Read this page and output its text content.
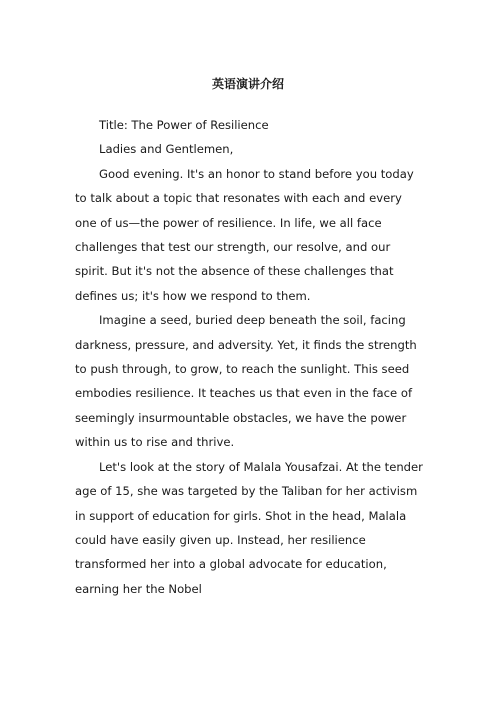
英语演讲介绍

Title: The Power of Resilience

Ladies and Gentlemen,

Good evening. It's an honor to stand before you today to talk about a topic that resonates with each and every one of us—the power of resilience. In life, we all face challenges that test our strength, our resolve, and our spirit. But it's not the absence of these challenges that defines us; it's how we respond to them.

Imagine a seed, buried deep beneath the soil, facing darkness, pressure, and adversity. Yet, it finds the strength to push through, to grow, to reach the sunlight. This seed embodies resilience. It teaches us that even in the face of seemingly insurmountable obstacles, we have the power within us to rise and thrive.

Let's look at the story of Malala Yousafzai. At the tender age of 15, she was targeted by the Taliban for her activism in support of education for girls. Shot in the head, Malala could have easily given up. Instead, her resilience transformed her into a global advocate for education, earning her the Nobel
